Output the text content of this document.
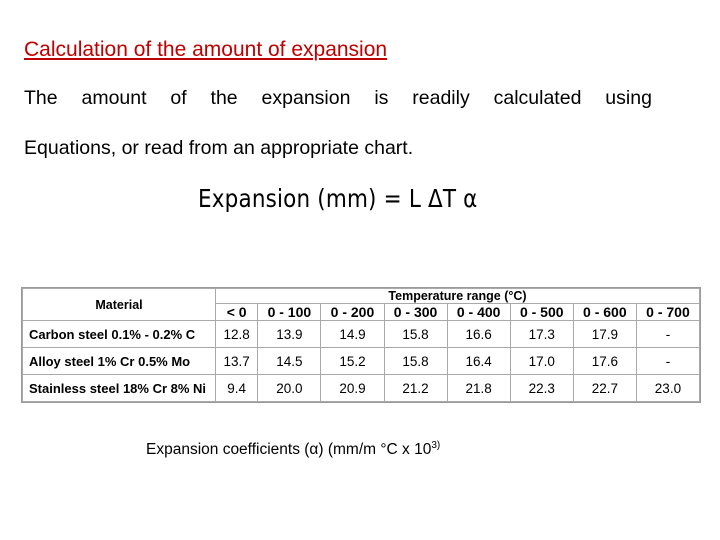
Calculation of the amount of expansion
The amount of the expansion is readily calculated using
Equations, or read from an appropriate chart.
Expansion (mm) = L ΔT α
Material	Temperature range (°C)							
	< 0	0 - 100	0 - 200	0 - 300	0 - 400	0 - 500	0 - 600	0 - 700
Carbon steel 0.1% - 0.2% C	12.8	13.9	14.9	15.8	16.6	17.3	17.9	-
Alloy steel 1% Cr 0.5% Mo	13.7	14.5	15.2	15.8	16.4	17.0	17.6	-
Stainless steel 18% Cr 8% Ni	9.4	20.0	20.9	21.2	21.8	22.3	22.7	23.0
Expansion coefficients (α) (mm/m °C x 10$^{3)}$
